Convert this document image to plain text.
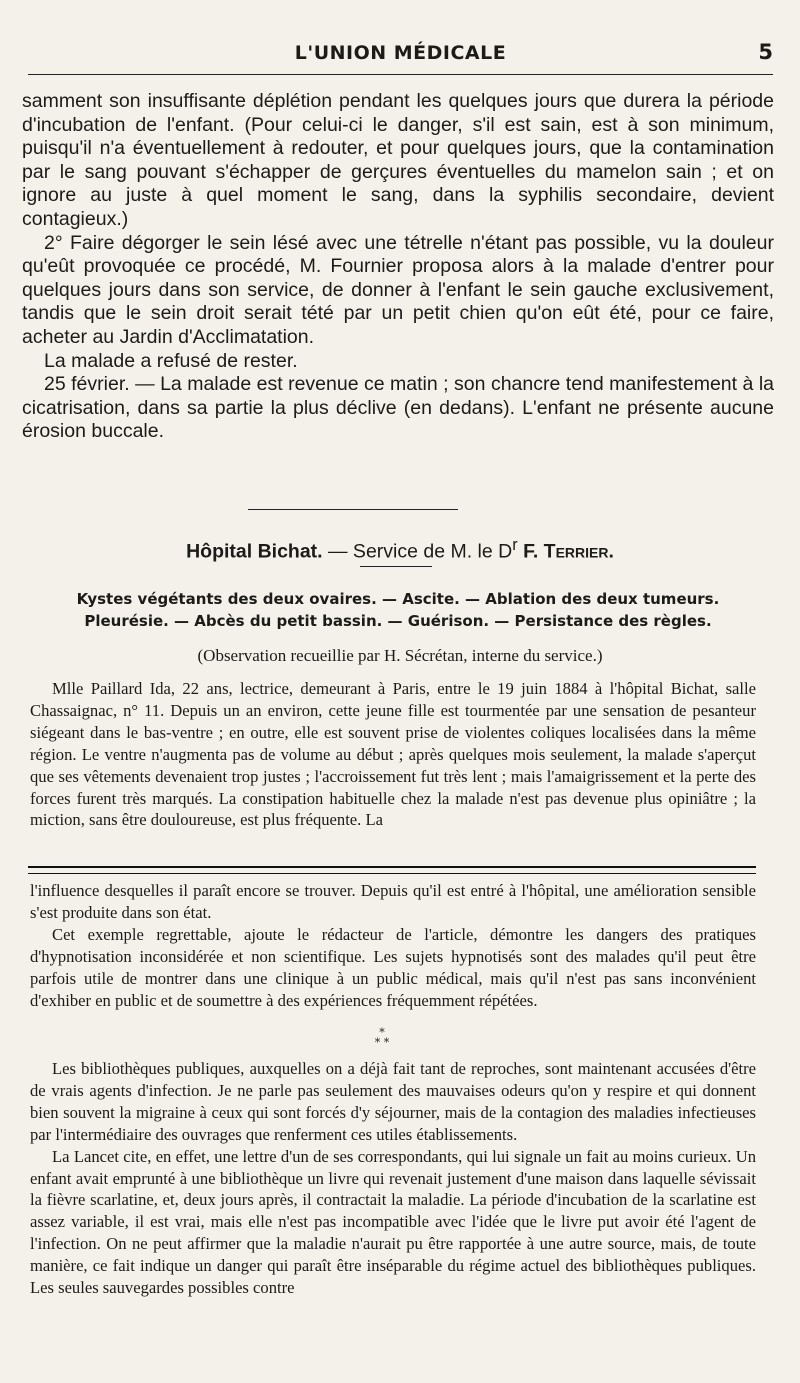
L'UNION MÉDICALE	5

samment son insuffisante déplétion pendant les quelques jours que durera la période d'incubation de l'enfant. (Pour celui-ci le danger, s'il est sain, est à son minimum, puisqu'il n'a éventuellement à redouter, et pour quelques jours, que la contamination par le sang pouvant s'échapper de gerçures éventuelles du mamelon sain ; et on ignore au juste à quel moment le sang, dans la syphilis secondaire, devient contagieux.)

2° Faire dégorger le sein lésé avec une tétrelle n'étant pas possible, vu la douleur qu'eût provoquée ce procédé, M. Fournier proposa alors à la malade d'entrer pour quelques jours dans son service, de donner à l'enfant le sein gauche exclusivement, tandis que le sein droit serait tété par un petit chien qu'on eût été, pour ce faire, acheter au Jardin d'Acclimatation.

La malade a refusé de rester.

25 février. — La malade est revenue ce matin ; son chancre tend manifestement à la cicatrisation, dans sa partie la plus déclive (en dedans). L'enfant ne présente aucune érosion buccale.

Hôpital Bichat. — Service de M. le $D^r$ F. Terrier.
Kystes végétants des deux ovaires. — Ascite. — Ablation des deux tumeurs.
Pleurésie. — Abcès du petit bassin. — Guérison. — Persistance des règles.
(Observation recueillie par H. Sécrétan, interne du service.)

Mlle Paillard Ida, 22 ans, lectrice, demeurant à Paris, entre le 19 juin 1884 à l'hôpital Bichat, salle Chassaignac, n° 11. Depuis un an environ, cette jeune fille est tourmentée par une sensation de pesanteur siégeant dans le bas-ventre ; en outre, elle est souvent prise de violentes coliques localisées dans la même région. Le ventre n'augmenta pas de volume au début ; après quelques mois seulement, la malade s'aperçut que ses vêtements devenaient trop justes ; l'accroissement fut très lent ; mais l'amaigrissement et la perte des forces furent très marqués. La constipation habituelle chez la malade n'est pas devenue plus opiniâtre ; la miction, sans être douloureuse, est plus fréquente. La

l'influence desquelles il paraît encore se trouver. Depuis qu'il est entré à l'hôpital, une amélioration sensible s'est produite dans son état.

Cet exemple regrettable, ajoute le rédacteur de l'article, démontre les dangers des pratiques d'hypnotisation inconsidérée et non scientifique. Les sujets hypnotisés sont des malades qu'il peut être parfois utile de montrer dans une clinique à un public médical, mais qu'il n'est pas sans inconvénient d'exhiber en public et de soumettre à des expériences fréquemment répétées.

*
* *

Les bibliothèques publiques, auxquelles on a déjà fait tant de reproches, sont maintenant accusées d'être de vrais agents d'infection. Je ne parle pas seulement des mauvaises odeurs qu'on y respire et qui donnent bien souvent la migraine à ceux qui sont forcés d'y séjourner, mais de la contagion des maladies infectieuses par l'intermédiaire des ouvrages que renferment ces utiles établissements.

La Lancet cite, en effet, une lettre d'un de ses correspondants, qui lui signale un fait au moins curieux. Un enfant avait emprunté à une bibliothèque un livre qui revenait justement d'une maison dans laquelle sévissait la fièvre scarlatine, et, deux jours après, il contractait la maladie. La période d'incubation de la scarlatine est assez variable, il est vrai, mais elle n'est pas incompatible avec l'idée que le livre put avoir été l'agent de l'infection. On ne peut affirmer que la maladie n'aurait pu être rapportée à une autre source, mais, de toute manière, ce fait indique un danger qui paraît être inséparable du régime actuel des bibliothèques publiques. Les seules sauvegardes possibles contre
